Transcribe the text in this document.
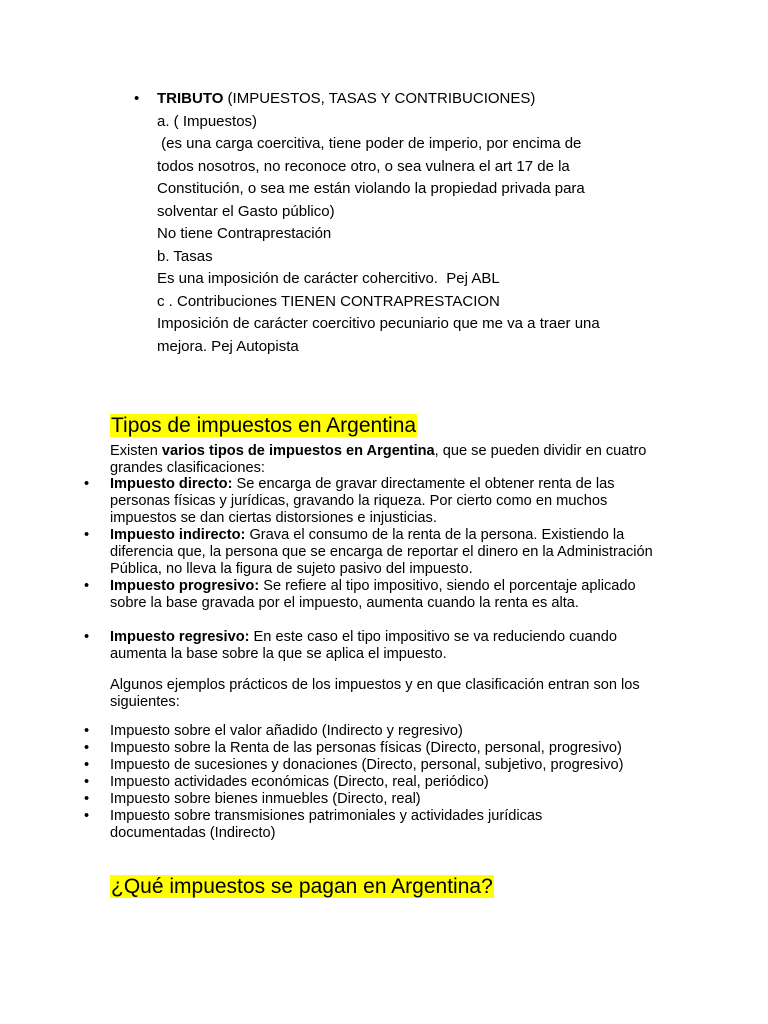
•	TRIBUTO (IMPUESTOS, TASAS Y CONTRIBUCIONES)
a. ( Impuestos)
(es una carga coercitiva, tiene poder de imperio, por encima de
todos nosotros, no reconoce otro, o sea vulnera el art 17 de la
Constitución, o sea me están violando la propiedad privada para
solventar el Gasto público)
No tiene Contraprestación
b. Tasas
Es una imposición de carácter cohercitivo.  Pej ABL
c . Contribuciones TIENEN CONTRAPRESTACION
Imposición de carácter coercitivo pecuniario que me va a traer una
mejora. Pej Autopista
Tipos de impuestos en Argentina

Existen varios tipos de impuestos en Argentina, que se pueden dividir en cuatro grandes clasificaciones:

• Impuesto directo: Se encarga de gravar directamente el obtener renta de las personas físicas y jurídicas, gravando la riqueza. Por cierto como en muchos impuestos se dan ciertas distorsiones e injusticias.
• Impuesto indirecto: Grava el consumo de la renta de la persona. Existiendo la diferencia que, la persona que se encarga de reportar el dinero en la Administración Pública, no lleva la figura de sujeto pasivo del impuesto.
• Impuesto progresivo: Se refiere al tipo impositivo, siendo el porcentaje aplicado sobre la base gravada por el impuesto, aumenta cuando la renta es alta.
• Impuesto regresivo: En este caso el tipo impositivo se va reduciendo cuando aumenta la base sobre la que se aplica el impuesto.

Algunos ejemplos prácticos de los impuestos y en que clasificación entran son los siguientes:

• Impuesto sobre el valor añadido (Indirecto y regresivo)
• Impuesto sobre la Renta de las personas físicas (Directo, personal, progresivo)
• Impuesto de sucesiones y donaciones (Directo, personal, subjetivo, progresivo)
• Impuesto actividades económicas (Directo, real, periódico)
• Impuesto sobre bienes inmuebles (Directo, real)
• Impuesto sobre transmisiones patrimoniales y actividades jurídicas documentadas (Indirecto)
¿Qué impuestos se pagan en Argentina?
